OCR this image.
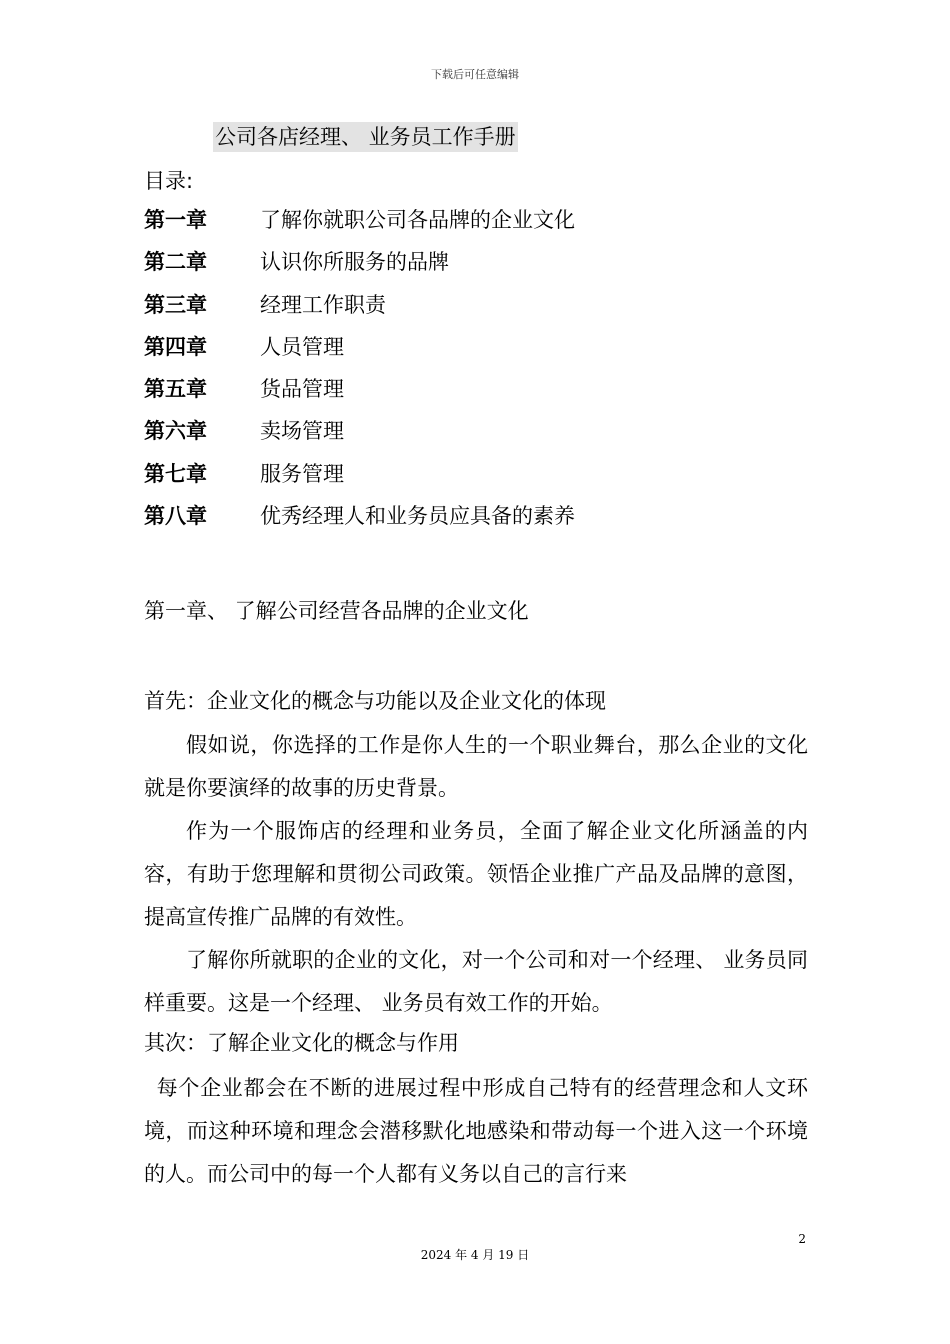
下载后可任意编辑
公司各店经理、 业务员工作手册
目录:
第一章	了解你就职公司各品牌的企业文化
第二章	认识你所服务的品牌
第三章	经理工作职责
第四章	人员管理
第五章	货品管理
第六章	卖场管理
第七章	服务管理
第八章	优秀经理人和业务员应具备的素养
第一章、 了解公司经营各品牌的企业文化
首先：企业文化的概念与功能以及企业文化的体现

假如说，你选择的工作是你人生的一个职业舞台，那么企业的文化就是你要演绎的故事的历史背景。

作为一个服饰店的经理和业务员，全面了解企业文化所涵盖的内容，有助于您理解和贯彻公司政策。领悟企业推广产品及品牌的意图，提高宣传推广品牌的有效性。

了解你所就职的企业的文化，对一个公司和对一个经理、 业务员同样重要。这是一个经理、 业务员有效工作的开始。

其次：了解企业文化的概念与作用

每个企业都会在不断的进展过程中形成自己特有的经营理念和人文环境，而这种环境和理念会潜移默化地感染和带动每一个进入这一个环境的人。而公司中的每一个人都有义务以自己的言行来

2
2024 年 4 月 19 日
